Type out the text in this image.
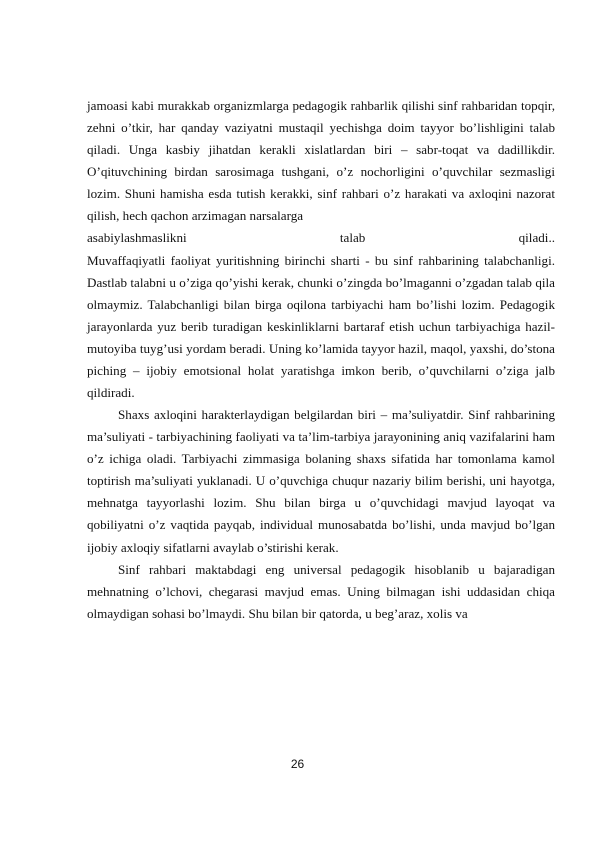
jamoasi kabi murakkab organizmlarga pedagogik rahbarlik qilishi sinf rahbaridan topqir, zehni o’tkir, har qanday vaziyatni mustaqil yechishga doim tayyor bo’lishligini talab qiladi. Unga kasbiy jihatdan kerakli xislatlardan biri – sabr-toqat va dadillikdir. O’qituvchining birdan sarosimaga tushgani, o’z nochorligini o’quvchilar sezmasligi lozim. Shuni hamisha esda tutish kerakki, sinf rahbari o’z harakati va axloqini nazorat qilish, hech qachon arzimagan narsalarga

asabiylashmaslikni talab qiladi..

Muvaffaqiyatli faoliyat yuritishning birinchi sharti - bu sinf rahbarining talabchanligi. Dastlab talabni u o’ziga qo’yishi kerak, chunki o’zingda bo’lmaganni o’zgadan talab qila olmaymiz. Talabchanligi bilan birga oqilona tarbiyachi ham bo’lishi lozim. Pedagogik jarayonlarda yuz berib turadigan keskinliklarni bartaraf etish uchun tarbiyachiga hazil-mutoyiba tuyg’usi yordam beradi. Uning ko’lamida tayyor hazil, maqol, yaxshi, do’stona piching – ijobiy emotsional holat yaratishga imkon berib, o’quvchilarni o’ziga jalb qildiradi.

Shaxs axloqini harakterlaydigan belgilardan biri – ma’suliyatdir. Sinf rahbarining ma’suliyati - tarbiyachining faoliyati va ta’lim-tarbiya jarayonining aniq vazifalarini ham o’z ichiga oladi. Tarbiyachi zimmasiga bolaning shaxs sifatida har tomonlama kamol toptirish ma’suliyati yuklanadi. U o’quvchiga chuqur nazariy bilim berishi, uni hayotga, mehnatga tayyorlashi lozim. Shu bilan birga u o’quvchidagi mavjud layoqat va qobiliyatni o’z vaqtida payqab, individual munosabatda bo’lishi, unda mavjud bo’lgan ijobiy axloqiy sifatlarni avaylab o’stirishi kerak.

Sinf rahbari maktabdagi eng universal pedagogik hisoblanib u bajaradigan mehnatning o’lchovi, chegarasi mavjud emas. Uning bilmagan ishi uddasidan chiqa olmaydigan sohasi bo’lmaydi. Shu bilan bir qatorda, u beg’araz, xolis va

26
